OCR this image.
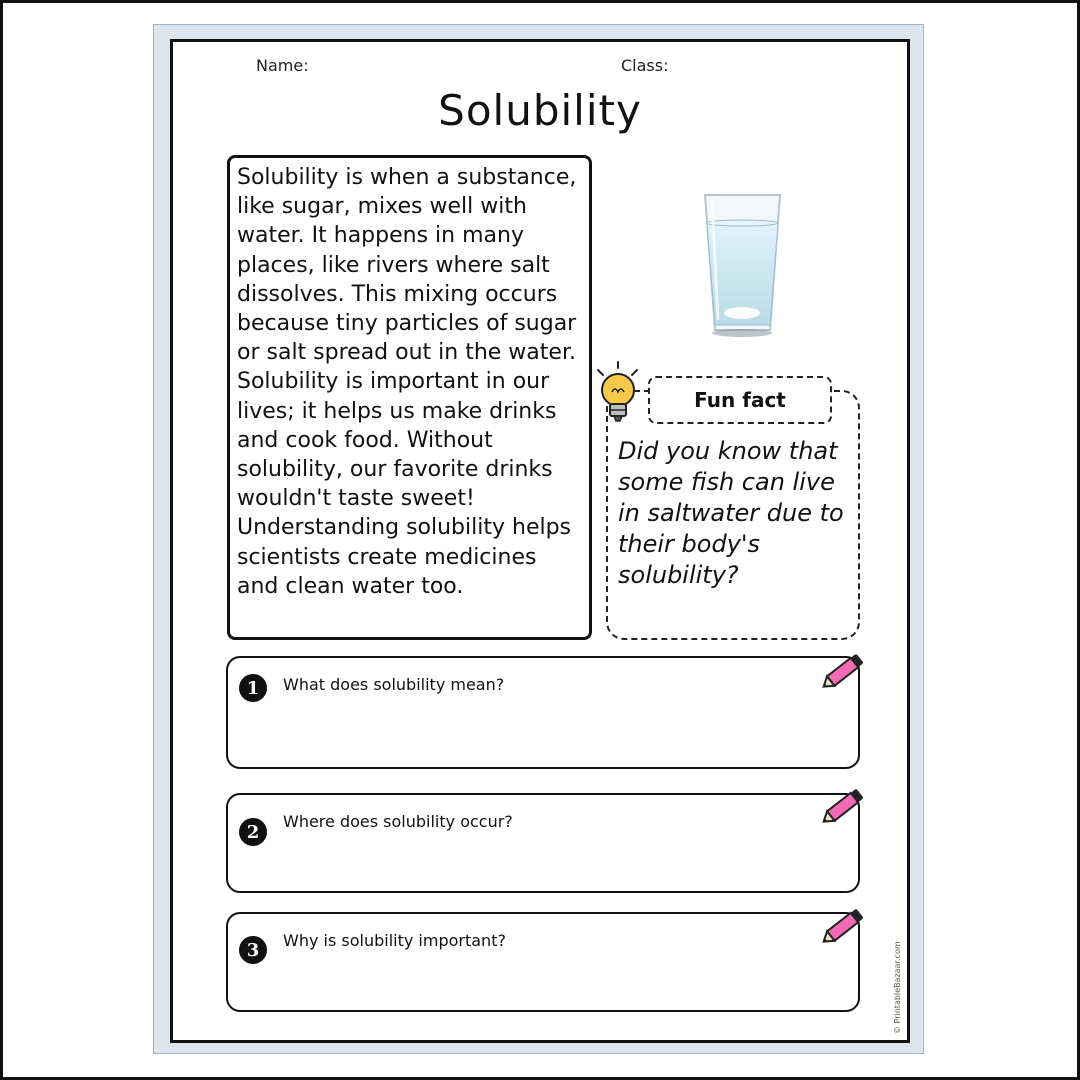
Name:	Class:
Solubility

Solubility is when a substance, like sugar, mixes well with water. It happens in many places, like rivers where salt dissolves. This mixing occurs because tiny particles of sugar or salt spread out in the water. Solubility is important in our lives; it helps us make drinks and cook food. Without solubility, our favorite drinks wouldn't taste sweet! Understanding solubility helps scientists create medicines and clean water too.

Fun fact

Did you know that some fish can live in saltwater due to their body's solubility?

1	What does solubility mean?
2	Where does solubility occur?
3	Why is solubility important?
© PrintableBazaar.com
